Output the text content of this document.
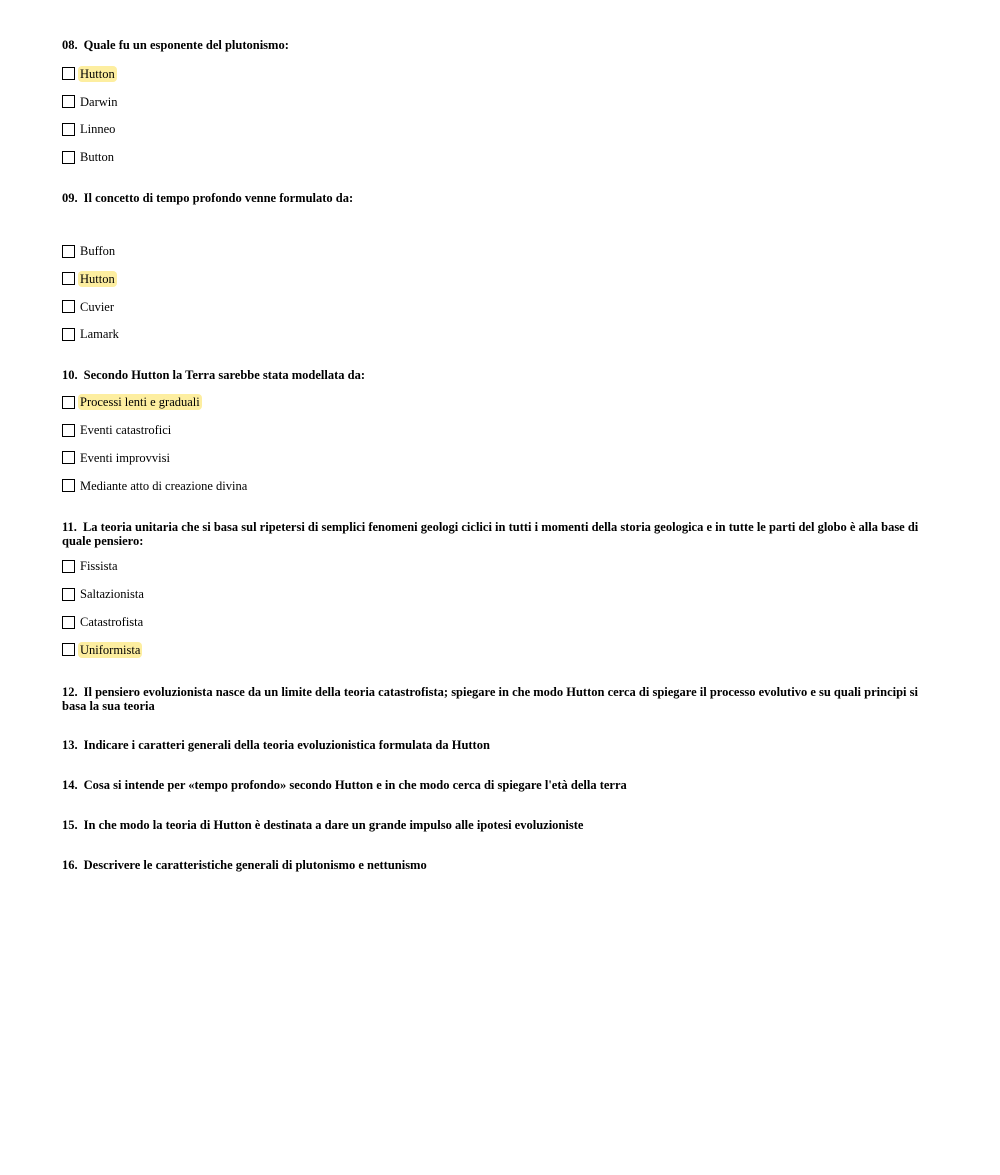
08. Quale fu un esponente del plutonismo:

Hutton
Darwin
Linneo
Button

09. Il concetto di tempo profondo venne formulato da:

Buffon
Hutton
Cuvier
Lamark

10. Secondo Hutton la Terra sarebbe stata modellata da:

Processi lenti e graduali
Eventi catastrofici
Eventi improvvisi
Mediante atto di creazione divina

11. La teoria unitaria che si basa sul ripetersi di semplici fenomeni geologi ciclici in tutti i momenti della storia geologica e in tutte le parti del globo è alla base di quale pensiero:

Fissista
Saltazionista
Catastrofista
Uniformista

12. Il pensiero evoluzionista nasce da un limite della teoria catastrofista; spiegare in che modo Hutton cerca di spiegare il processo evolutivo e su quali principi si basa la sua teoria

13. Indicare i caratteri generali della teoria evoluzionistica formulata da Hutton

14. Cosa si intende per «tempo profondo» secondo Hutton e in che modo cerca di spiegare l'età della terra

15. In che modo la teoria di Hutton è destinata a dare un grande impulso alle ipotesi evoluzioniste

16. Descrivere le caratteristiche generali di plutonismo e nettunismo
